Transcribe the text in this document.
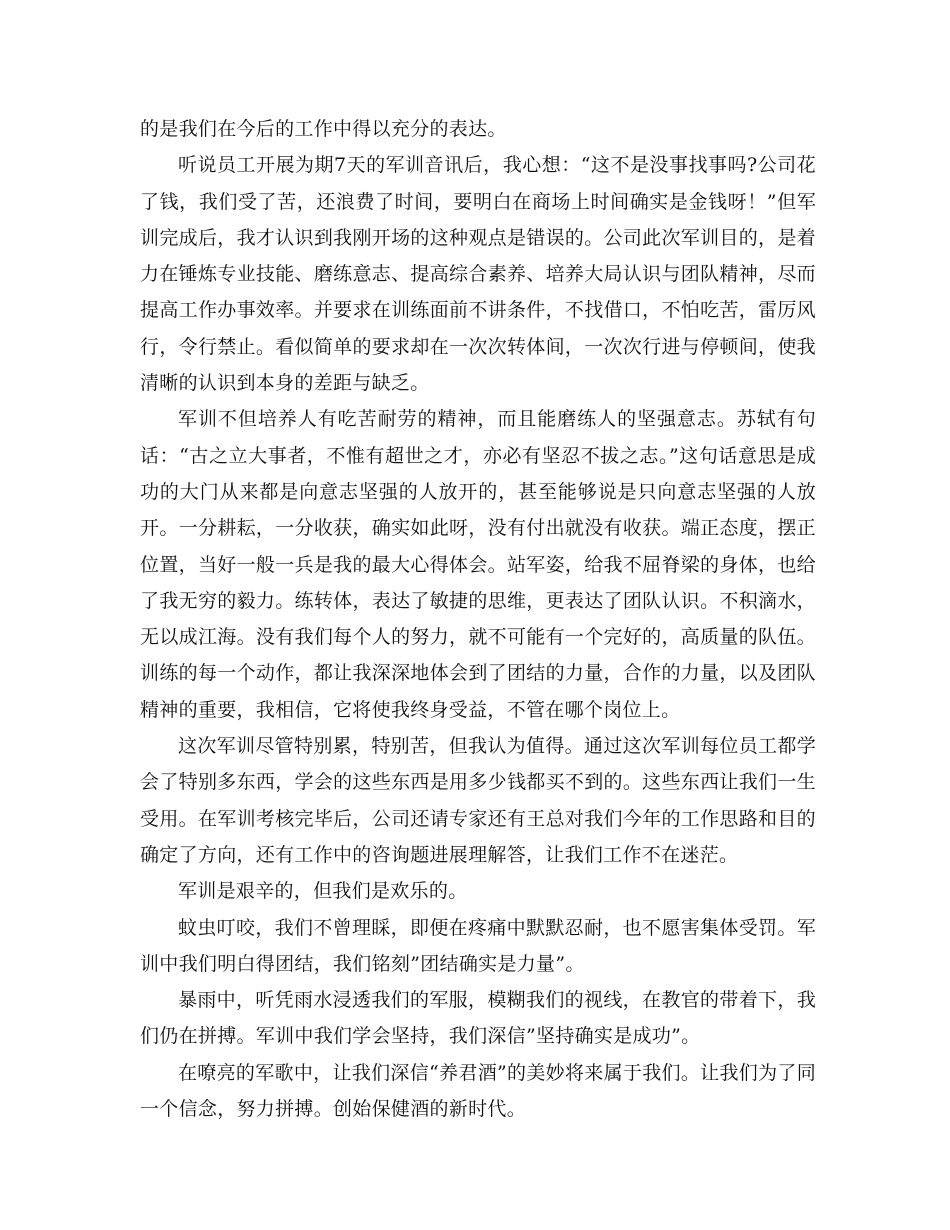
的是我们在今后的工作中得以充分的表达。

听说员工开展为期7天的军训音讯后，我心想：“这不是没事找事吗?公司花了钱，我们受了苦，还浪费了时间，要明白在商场上时间确实是金钱呀！”但军训完成后，我才认识到我刚开场的这种观点是错误的。公司此次军训目的，是着力在锤炼专业技能、磨练意志、提高综合素养、培养大局认识与团队精神，尽而提高工作办事效率。并要求在训练面前不讲条件，不找借口，不怕吃苦，雷厉风行，令行禁止。看似简单的要求却在一次次转体间，一次次行进与停顿间，使我清晰的认识到本身的差距与缺乏。

军训不但培养人有吃苦耐劳的精神，而且能磨练人的坚强意志。苏轼有句话：“古之立大事者，不惟有超世之才，亦必有坚忍不拔之志。”这句话意思是成功的大门从来都是向意志坚强的人放开的，甚至能够说是只向意志坚强的人放开。一分耕耘，一分收获，确实如此呀，没有付出就没有收获。端正态度，摆正位置，当好一般一兵是我的最大心得体会。站军姿，给我不屈脊梁的身体，也给了我无穷的毅力。练转体，表达了敏捷的思维，更表达了团队认识。不积滴水，无以成江海。没有我们每个人的努力，就不可能有一个完好的，高质量的队伍。训练的每一个动作，都让我深深地体会到了团结的力量，合作的力量，以及团队精神的重要，我相信，它将使我终身受益，不管在哪个岗位上。

这次军训尽管特别累，特别苦，但我认为值得。通过这次军训每位员工都学会了特别多东西，学会的这些东西是用多少钱都买不到的。这些东西让我们一生受用。在军训考核完毕后，公司还请专家还有王总对我们今年的工作思路和目的确定了方向，还有工作中的咨询题进展理解答，让我们工作不在迷茫。

军训是艰辛的，但我们是欢乐的。

蚊虫叮咬，我们不曾理睬，即便在疼痛中默默忍耐，也不愿害集体受罚。军训中我们明白得团结，我们铭刻”团结确实是力量”。

暴雨中，听凭雨水浸透我们的军服，模糊我们的视线，在教官的带着下，我们仍在拼搏。军训中我们学会坚持，我们深信”坚持确实是成功”。

在嘹亮的军歌中，让我们深信“养君酒”的美妙将来属于我们。让我们为了同一个信念，努力拼搏。创始保健酒的新时代。
